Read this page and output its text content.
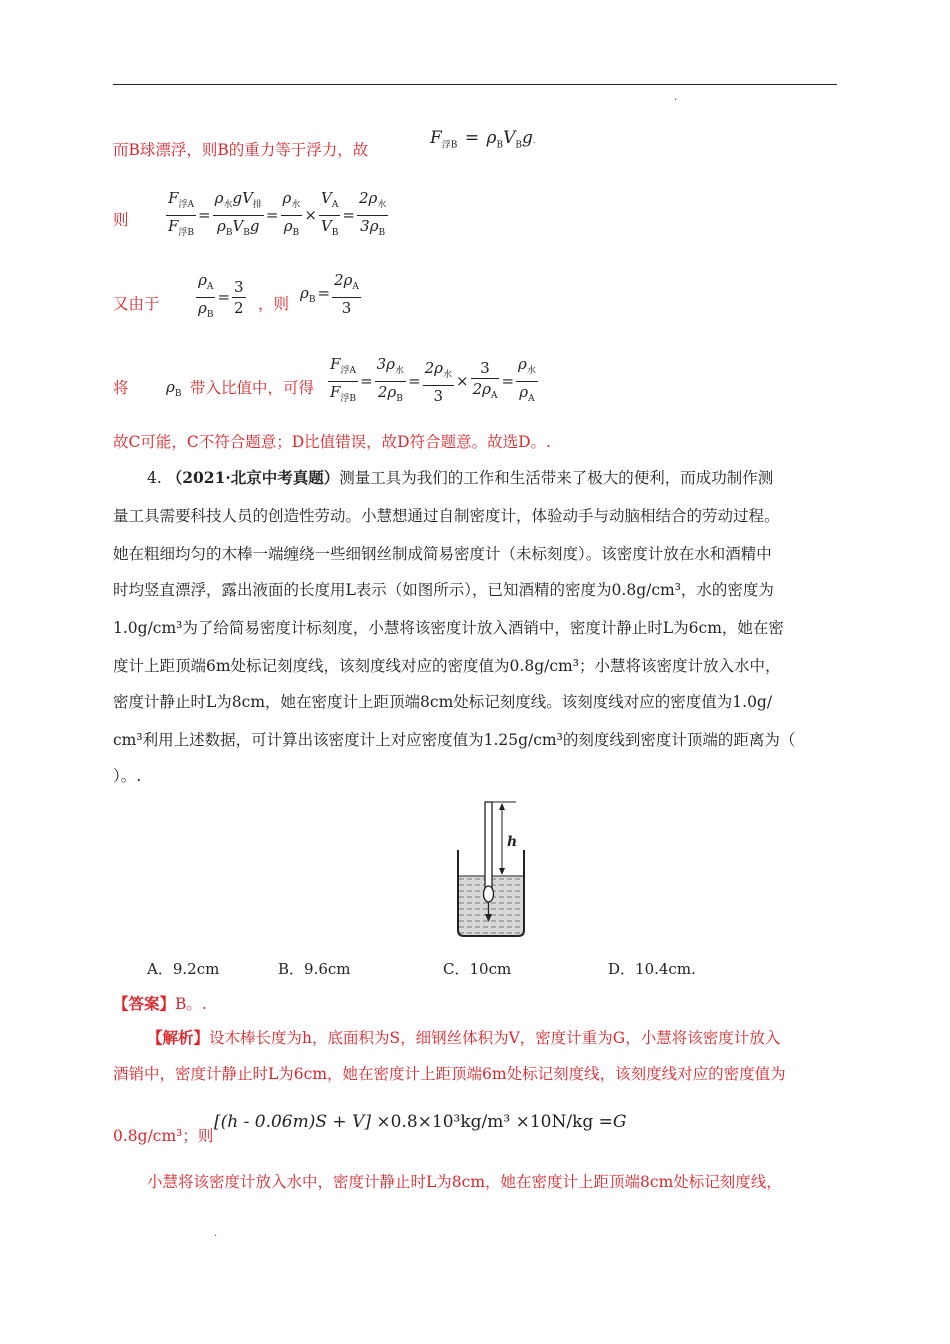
.
而B球漂浮，则B的重力等于浮力，故
$F_{浮B} = \rho_BV_Bg$.
则	$\frac{F_{浮A}}{F_{浮B}} = \frac{\rho_水gV_排}{\rho_BV_Bg} = \frac{\rho_水}{\rho_B} \times \frac{V_A}{V_B} = \frac{2\rho_水}{3\rho_B}$
又由于	$\frac{\rho_A}{\rho_B} = \frac{3}{2}$ ，则
$\rho_B = \frac{2\rho_A}{3}$
将	$\rho_B$ 带入比值中，可得 $\frac{F_{浮A}}{F_{浮B}} = \frac{3\rho_水}{2\rho_B} = \frac{2\rho_水}{3} \times \frac{3}{2\rho_A} = \frac{\rho_水}{\rho_A}$
故C可能，C不符合题意；D比值错误，故D符合题意。故选D。.
4. （2021·北京中考真题）测量工具为我们的工作和生活带来了极大的便利，而成功制作测
量工具需要科技人员的创造性劳动。小慧想通过自制密度计，体验动手与动脑相结合的劳动过程。
她在粗细均匀的木棒一端缠绕一些细钢丝制成简易密度计（未标刻度）。该密度计放在水和酒精中
时均竖直漂浮，露出液面的长度用L表示（如图所示），已知酒精的密度为0.8g/cm³，水的密度为
1.0g/cm³为了给简易密度计标刻度，小慧将该密度计放入酒销中，密度计静止时L为6cm，她在密
度计上距顶端6m处标记刻度线，该刻度线对应的密度值为0.8g/cm³；小慧将该密度计放入水中，
密度计静止时L为8cm，她在密度计上距顶端8cm处标记刻度线。该刻度线对应的密度值为1.0g/
cm³利用上述数据，可计算出该密度计上对应密度值为1.25g/cm³的刻度线到密度计顶端的距离为（
）。.
h
A．9.2cm	B．9.6cm	C．10cm	D．10.4cm.
【答案】B。.
【解析】设木棒长度为h，底面积为S，细钢丝体积为V，密度计重为G，小慧将该密度计放入
酒销中，密度计静止时L为6cm，她在密度计上距顶端6m处标记刻度线，该刻度线对应的密度值为
0.8g/cm³；则
[(h - 0.06m)S + V] ×0.8×10³kg/m³ ×10N/kg =G
小慧将该密度计放入水中，密度计静止时L为8cm，她在密度计上距顶端8cm处标记刻度线，
.
